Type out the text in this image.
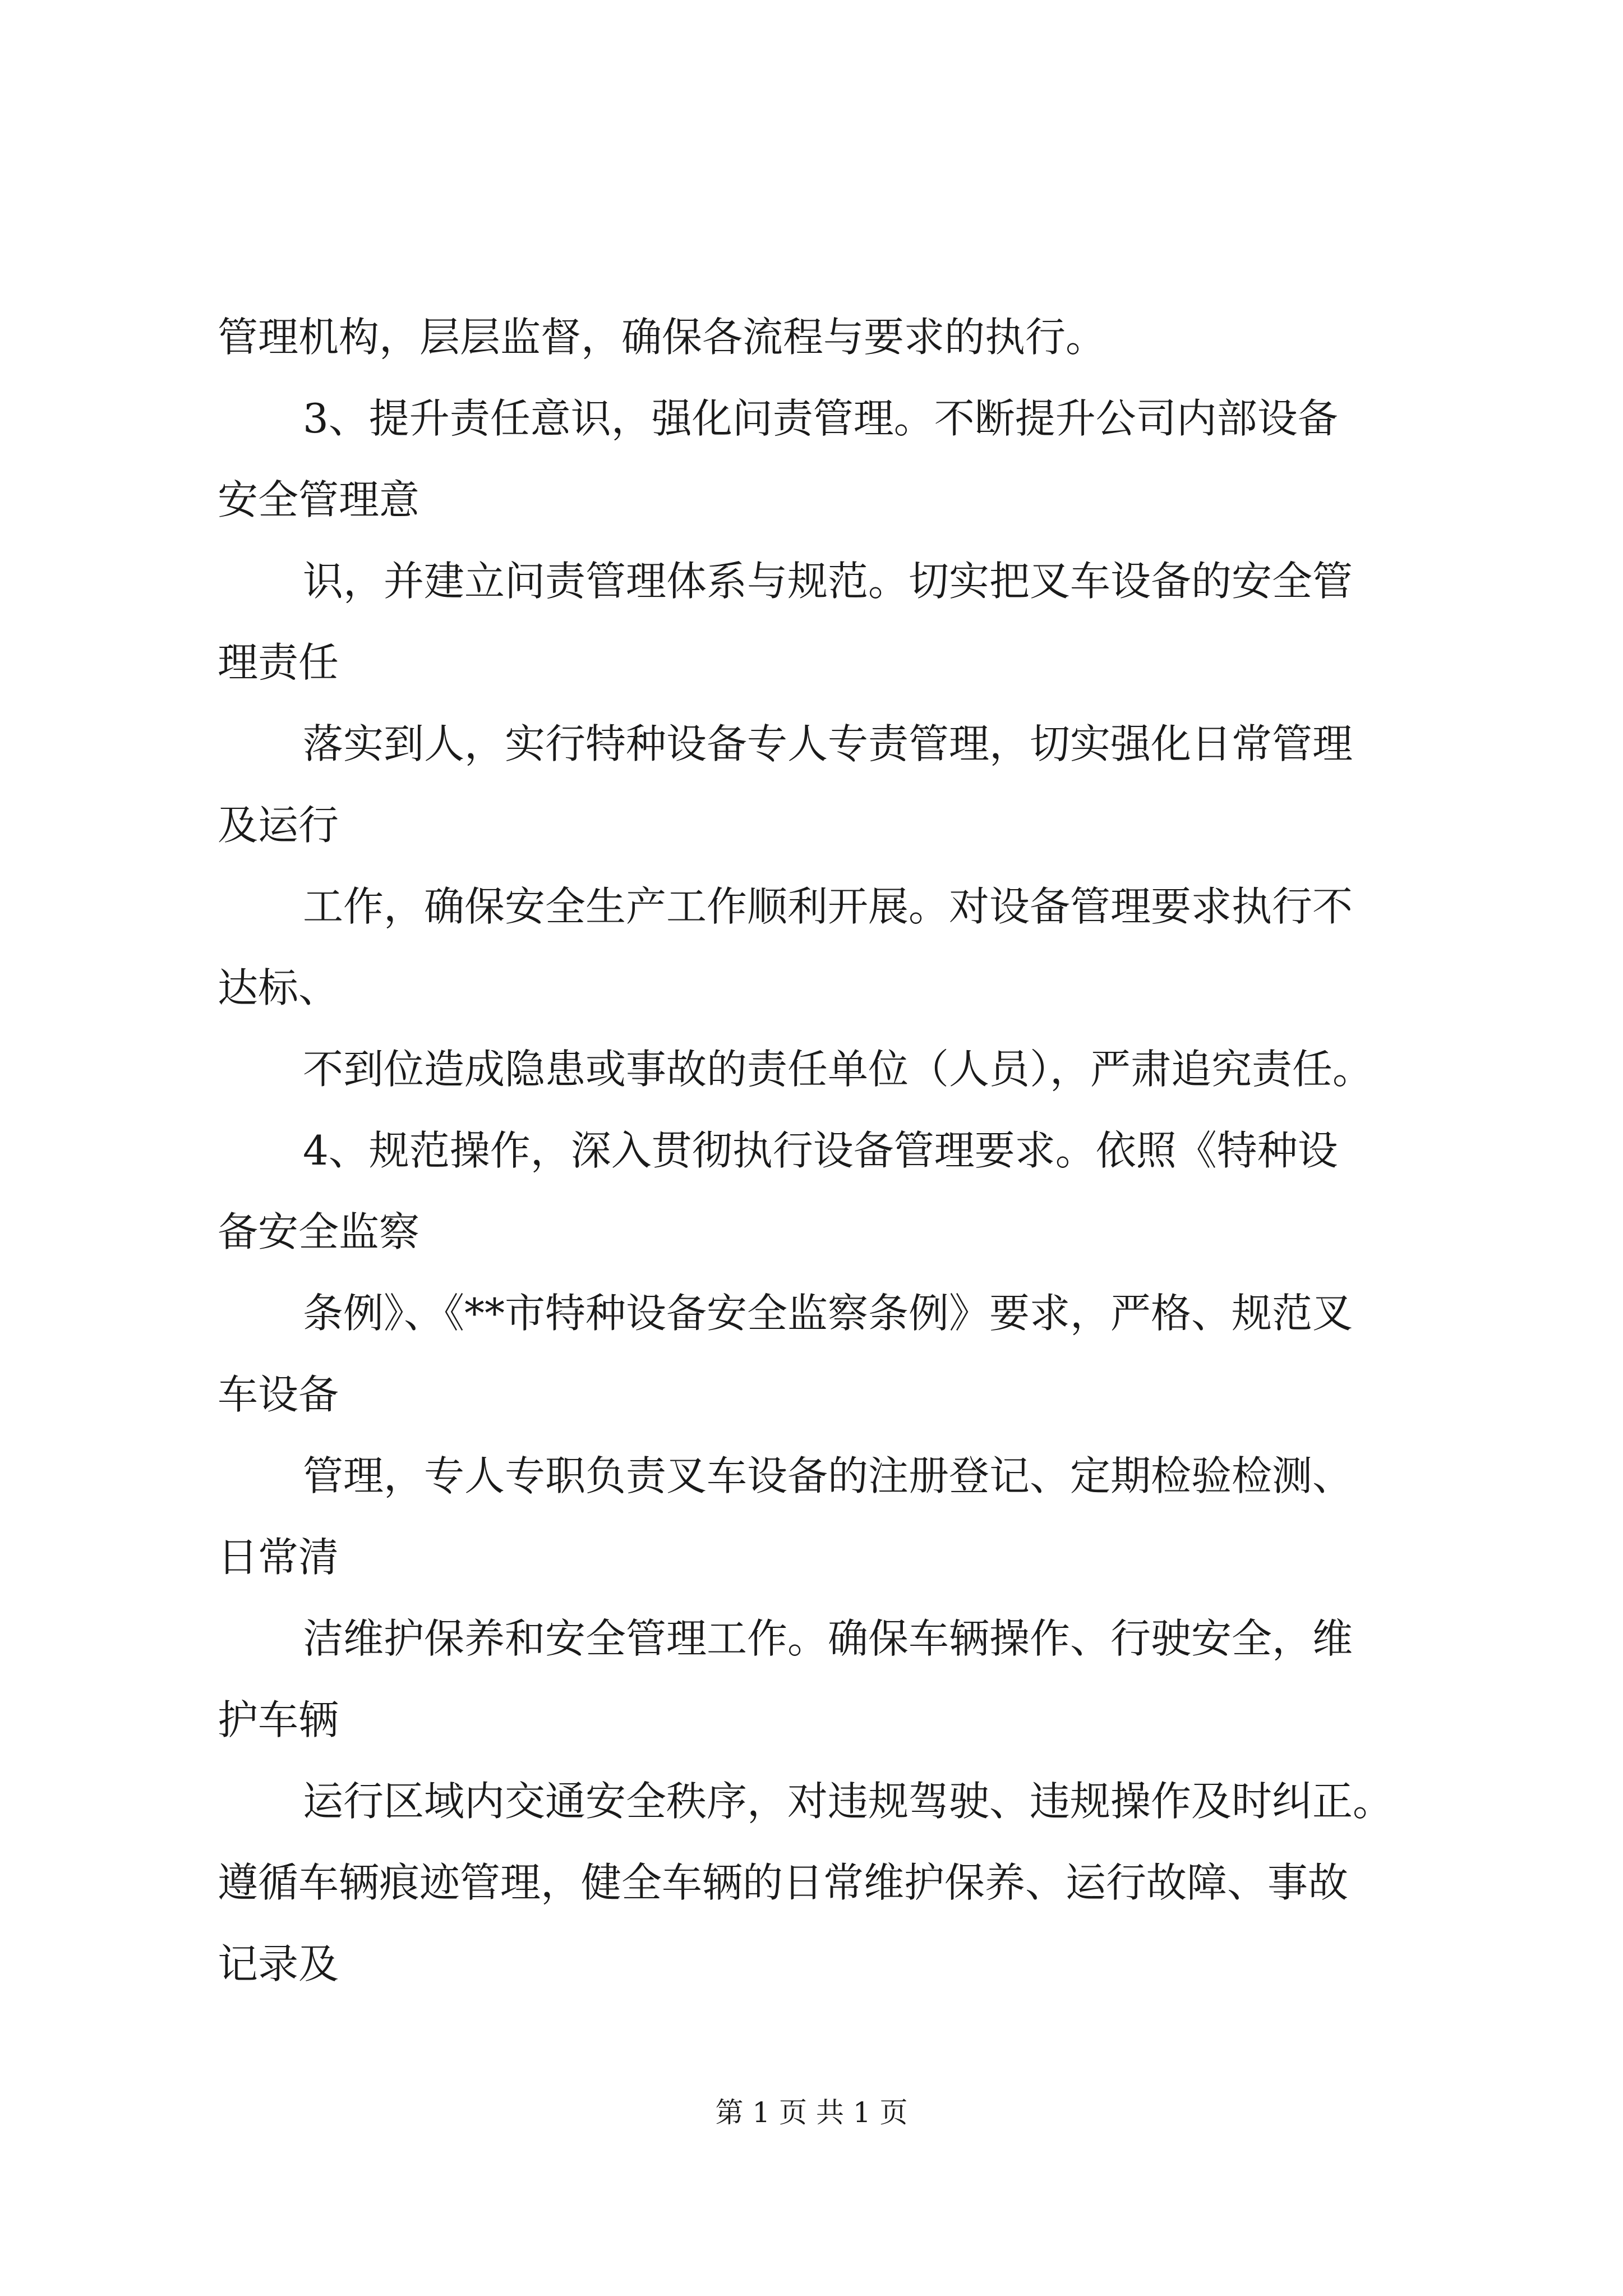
管理机构，层层监督，确保各流程与要求的执行。
3、提升责任意识，强化问责管理。不断提升公司内部设备
安全管理意
识，并建立问责管理体系与规范。切实把叉车设备的安全管
理责任
落实到人，实行特种设备专人专责管理，切实强化日常管理
及运行
工作，确保安全生产工作顺利开展。对设备管理要求执行不
达标、
不到位造成隐患或事故的责任单位（人员），严肃追究责任。
4、规范操作，深入贯彻执行设备管理要求。依照《特种设
备安全监察
条例》、《**市特种设备安全监察条例》要求，严格、规范叉
车设备
管理，专人专职负责叉车设备的注册登记、定期检验检测、
日常清
洁维护保养和安全管理工作。确保车辆操作、行驶安全，维
护车辆
运行区域内交通安全秩序，对违规驾驶、违规操作及时纠正。
遵循车辆痕迹管理，健全车辆的日常维护保养、运行故障、事故
记录及
第 1 页 共 1 页
